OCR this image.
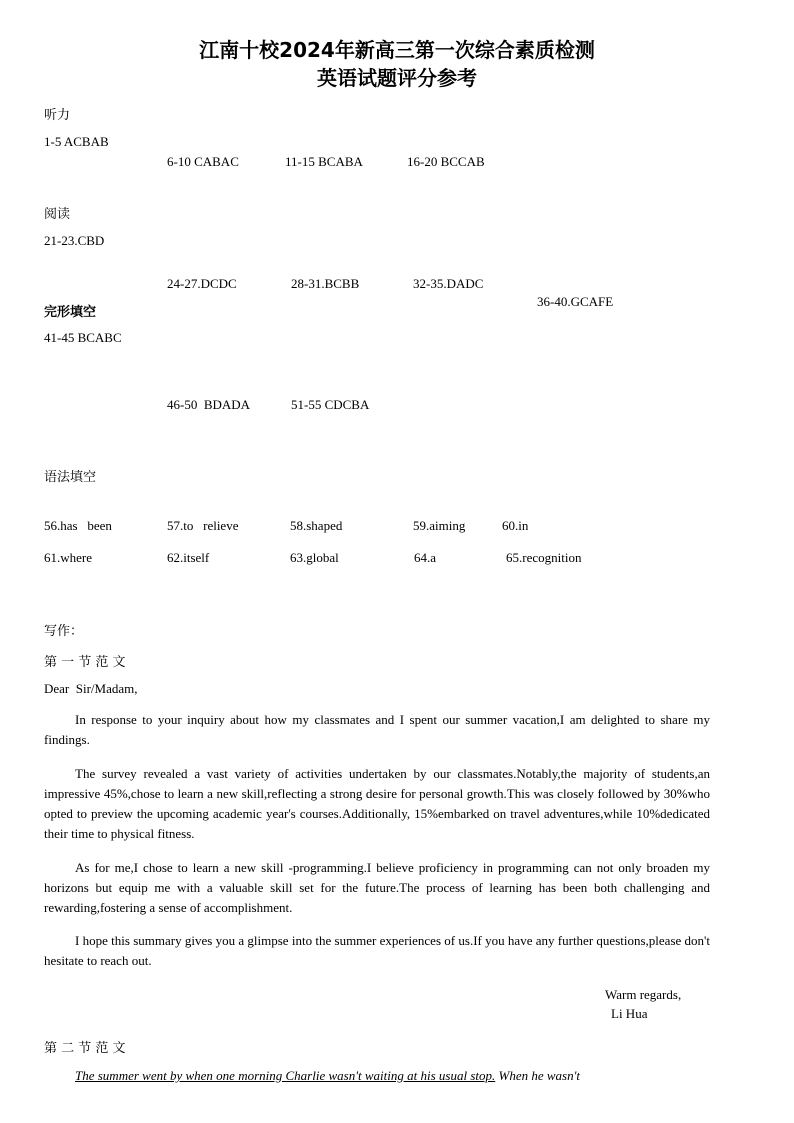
江南十校2024年新高三第一次综合素质检测
英语试题评分参考
听力
1-5 ACBAB
6-10 CABAC	11-15 BCABA	16-20 BCCAB
阅读
21-23.CBD
24-27.DCDC	28-31.BCBB	32-35.DADC
36-40.GCAFE
完形填空
41-45 BCABC
46-50  BDADA	51-55 CDCBA
语法填空
56.has   been	57.to   relieve	58.shaped	59.aiming	60.in
61.where	62.itself	63.global	64.a	65.recognition
写作：
第 一 节 范 文
Dear  Sir/Madam,
In response to your inquiry about how my classmates and I spent our summer vacation,I am delighted to share my findings.
The survey revealed a vast variety of activities undertaken by our classmates.Notably,the majority of students,an impressive 45%,chose to learn a new skill,reflecting a strong desire for personal growth.This was closely followed by 30%who opted to preview the upcoming academic year's courses.Additionally, 15%embarked on travel adventures,while 10%dedicated their time to physical fitness.
As for me,I chose to learn a new skill -programming.I believe proficiency in programming can not only broaden my horizons but equip me with a valuable skill set for the future.The process of learning has been both challenging and rewarding,fostering a sense of accomplishment.
I hope this summary gives you a glimpse into the summer experiences of us.If you have any further questions,please don't hesitate to reach out.
Warm regards,
Li Hua
第 二 节 范 文
The summer went by when one morning Charlie wasn't waiting at his usual stop. When he wasn't
